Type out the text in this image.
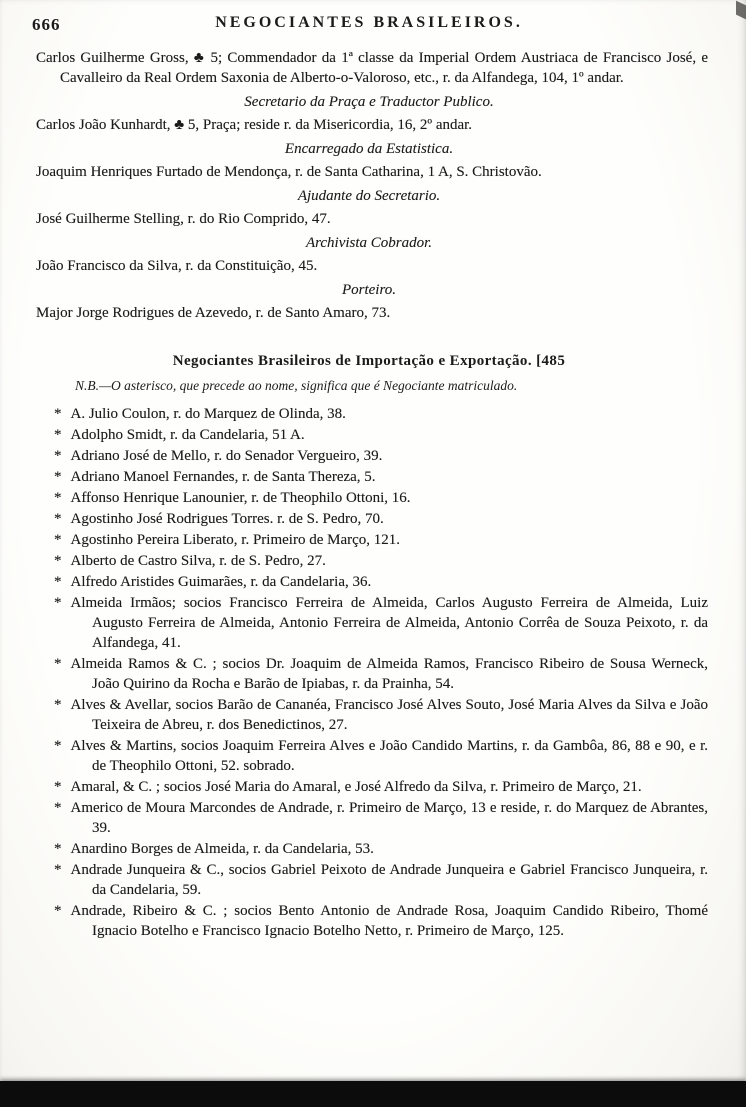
666	NEGOCIANTES BRASILEIROS.

Carlos Guilherme Gross, ♣ 5; Commendador da 1ª classe da Imperial Ordem Austriaca de Francisco José, e Cavalleiro da Real Ordem Saxonia de Alberto-o-Valoroso, etc., r. da Alfandega, 104, 1º andar.

Secretario da Praça e Traductor Publico.

Carlos João Kunhardt, ♣ 5, Praça; reside r. da Misericordia, 16, 2º andar.

Encarregado da Estatistica.

Joaquim Henriques Furtado de Mendonça, r. de Santa Catharina, 1 A, S. Christovão.

Ajudante do Secretario.

José Guilherme Stelling, r. do Rio Comprido, 47.

Archivista Cobrador.

João Francisco da Silva, r. da Constituição, 45.

Porteiro.

Major Jorge Rodrigues de Azevedo, r. de Santo Amaro, 73.

Negociantes Brasileiros de Importação e Exportação. [485

N.B.—O asterisco, que precede ao nome, significa que é Negociante matriculado.

* A. Julio Coulon, r. do Marquez de Olinda, 38.

* Adolpho Smidt, r. da Candelaria, 51 A.

* Adriano José de Mello, r. do Senador Vergueiro, 39.

* Adriano Manoel Fernandes, r. de Santa Thereza, 5.

* Affonso Henrique Lanounier, r. de Theophilo Ottoni, 16.

* Agostinho José Rodrigues Torres. r. de S. Pedro, 70.

* Agostinho Pereira Liberato, r. Primeiro de Março, 121.

* Alberto de Castro Silva, r. de S. Pedro, 27.

* Alfredo Aristides Guimarães, r. da Candelaria, 36.

* Almeida Irmãos; socios Francisco Ferreira de Almeida, Carlos Augusto Ferreira de Almeida, Luiz Augusto Ferreira de Almeida, Antonio Ferreira de Almeida, Antonio Corrêa de Souza Peixoto, r. da Alfandega, 41.

* Almeida Ramos & C. ; socios Dr. Joaquim de Almeida Ramos, Francisco Ribeiro de Sousa Werneck, João Quirino da Rocha e Barão de Ipiabas, r. da Prainha, 54.

* Alves & Avellar, socios Barão de Cananéa, Francisco José Alves Souto, José Maria Alves da Silva e João Teixeira de Abreu, r. dos Benedictinos, 27.

* Alves & Martins, socios Joaquim Ferreira Alves e João Candido Martins, r. da Gambôa, 86, 88 e 90, e r. de Theophilo Ottoni, 52. sobrado.

* Amaral, & C. ; socios José Maria do Amaral, e José Alfredo da Silva, r. Primeiro de Março, 21.

* Americo de Moura Marcondes de Andrade, r. Primeiro de Março, 13 e reside, r. do Marquez de Abrantes, 39.

* Anardino Borges de Almeida, r. da Candelaria, 53.

* Andrade Junqueira & C., socios Gabriel Peixoto de Andrade Junqueira e Gabriel Francisco Junqueira, r. da Candelaria, 59.

* Andrade, Ribeiro & C. ; socios Bento Antonio de Andrade Rosa, Joaquim Candido Ribeiro, Thomé Ignacio Botelho e Francisco Ignacio Botelho Netto, r. Primeiro de Março, 125.
